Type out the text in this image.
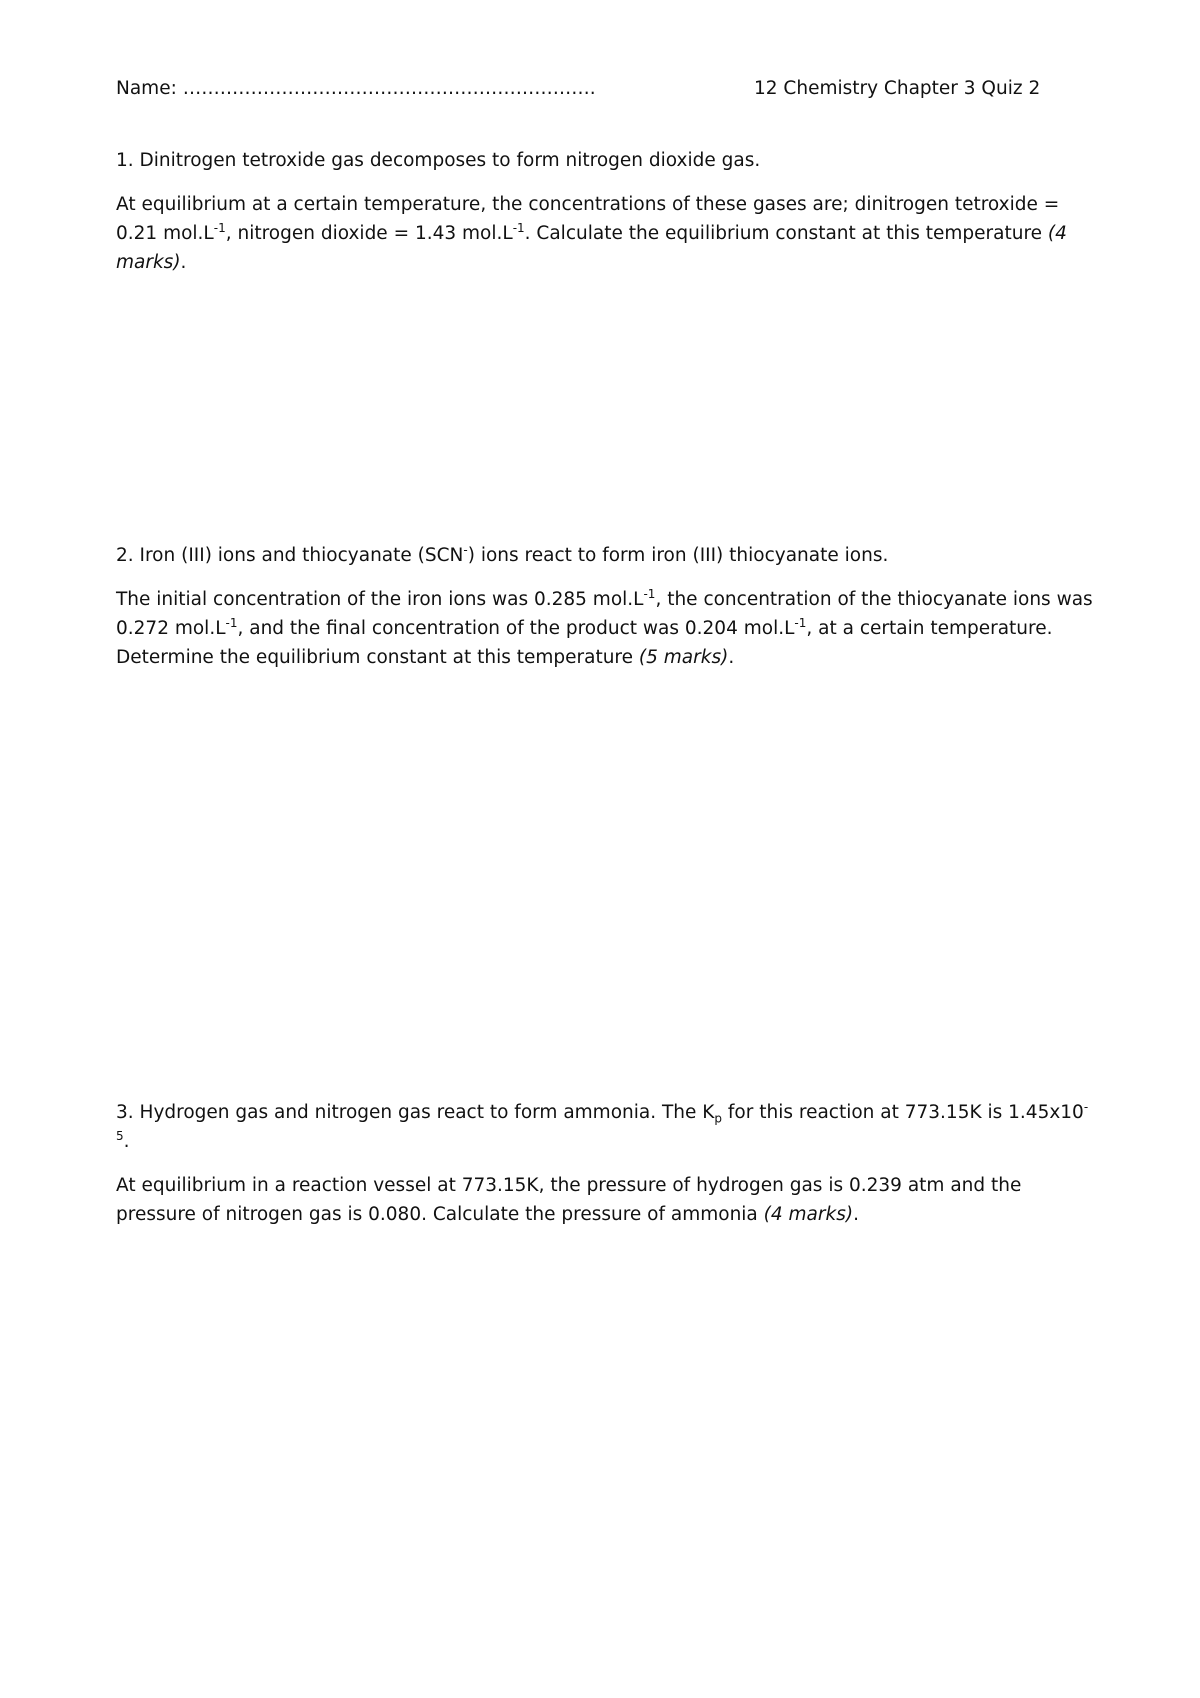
Name: ………………………………………………………….	12 Chemistry Chapter 3 Quiz 2

1. Dinitrogen tetroxide gas decomposes to form nitrogen dioxide gas.

At equilibrium at a certain temperature, the concentrations of these gases are; dinitrogen tetroxide = 0.21 $mol.L^{-1}$, nitrogen dioxide = 1.43 $mol.L^{-1}$. Calculate the equilibrium constant at this temperature (4 marks).

2. Iron (III) ions and thiocyanate (SCN-) ions react to form iron (III) thiocyanate ions.

The initial concentration of the iron ions was 0.285 $mol.L^{-1}$, the concentration of the thiocyanate ions was 0.272 $mol.L^{-1}$, and the final concentration of the product was 0.204 $mol.L^{-1}$, at a certain temperature. Determine the equilibrium constant at this temperature (5 marks).

3. Hydrogen gas and nitrogen gas react to form ammonia. The $K_p$ for this reaction at 773.15K is $1.45x10^{-5}$.

At equilibrium in a reaction vessel at 773.15K, the pressure of hydrogen gas is 0.239 atm and the pressure of nitrogen gas is 0.080. Calculate the pressure of ammonia (4 marks).
